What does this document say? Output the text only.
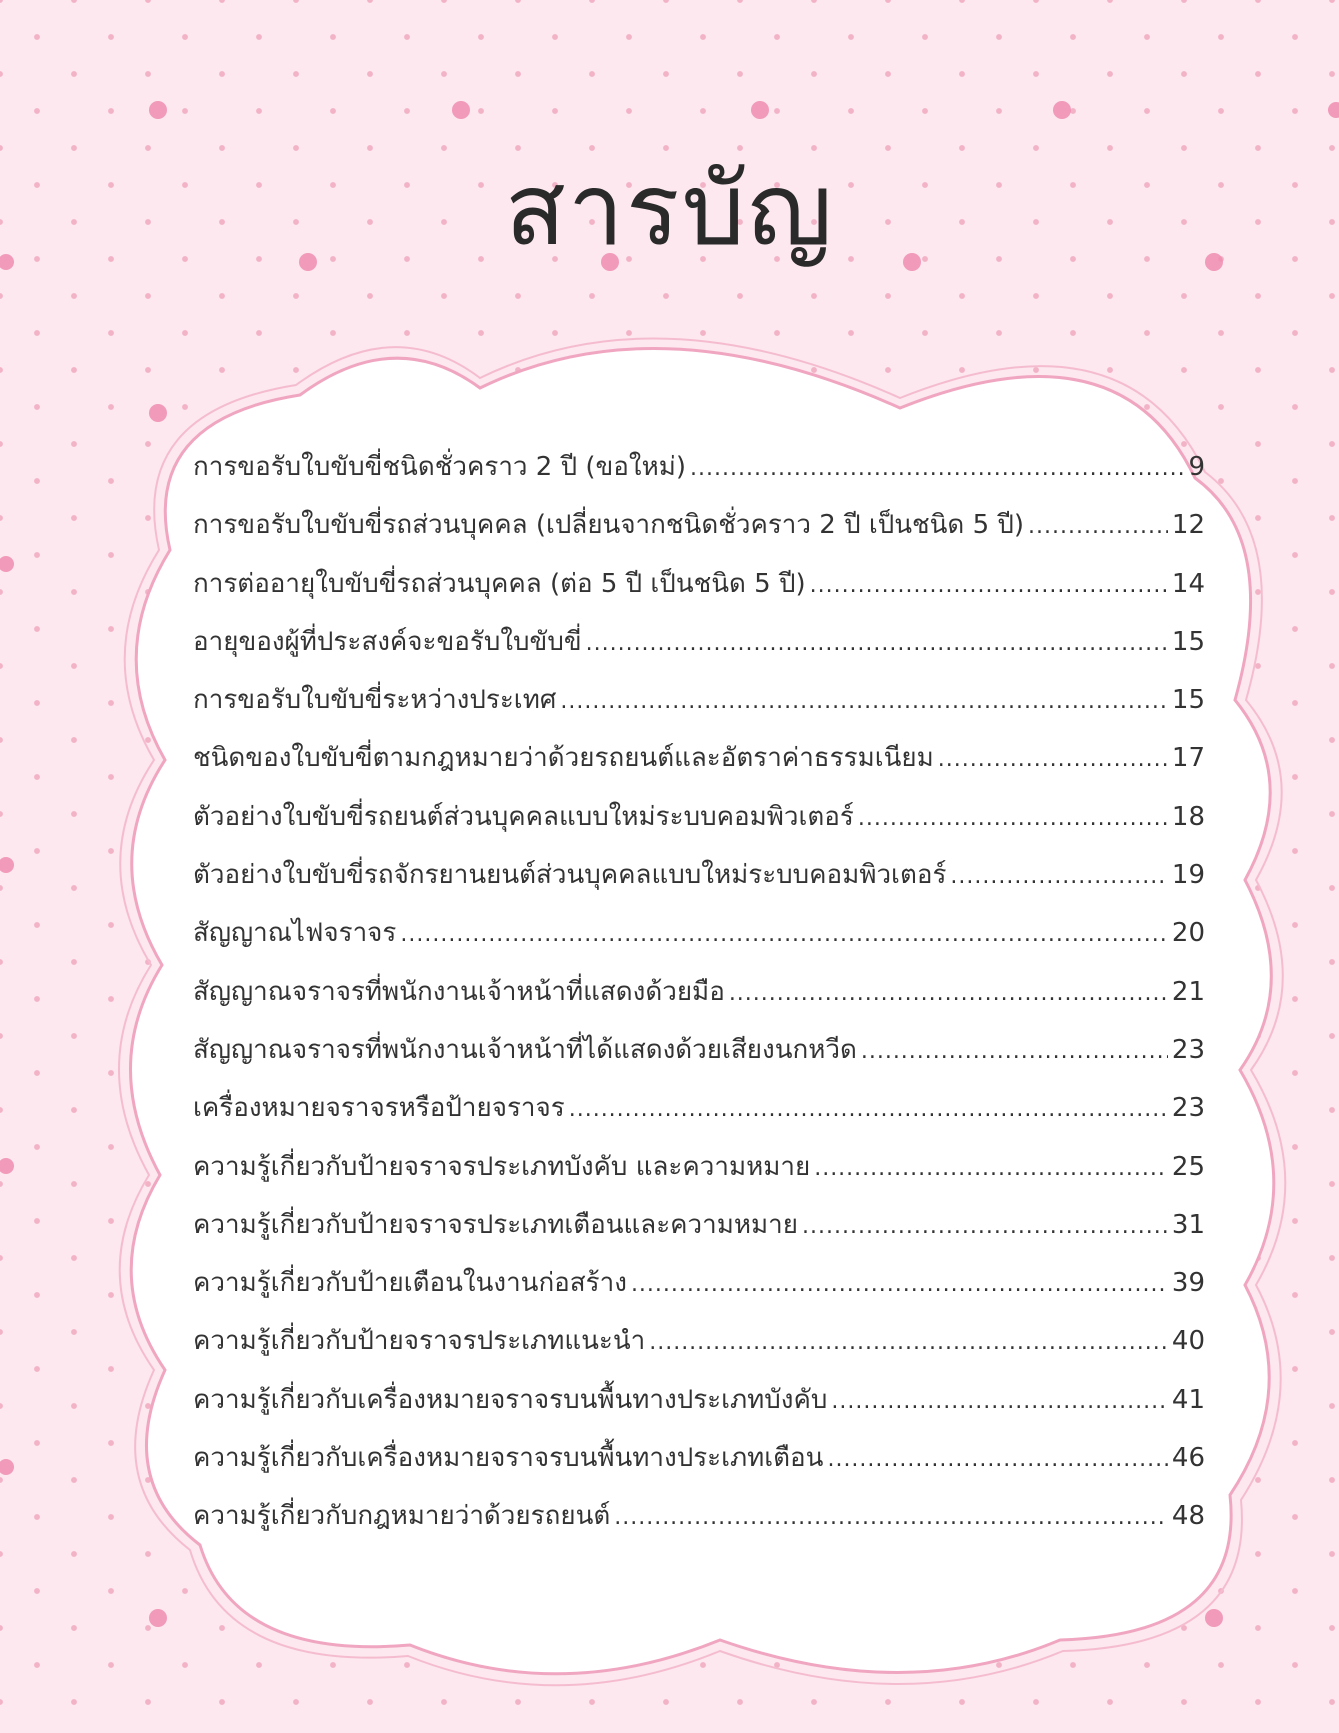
สารบัญ
การขอรับใบขับขี่ชนิดชั่วคราว 2 ปี (ขอใหม่) .....	9
การขอรับใบขับขี่รถส่วนบุคคล (เปลี่ยนจากชนิดชั่วคราว 2 ปี เป็นชนิด 5 ปี) .....	12
การต่ออายุใบขับขี่รถส่วนบุคคล (ต่อ 5 ปี เป็นชนิด 5 ปี) .....	14
อายุของผู้ที่ประสงค์จะขอรับใบขับขี่ .....	15
การขอรับใบขับขี่ระหว่างประเทศ .....	15
ชนิดของใบขับขี่ตามกฎหมายว่าด้วยรถยนต์และอัตราค่าธรรมเนียม .....	17
ตัวอย่างใบขับขี่รถยนต์ส่วนบุคคลแบบใหม่ระบบคอมพิวเตอร์ .....	18
ตัวอย่างใบขับขี่รถจักรยานยนต์ส่วนบุคคลแบบใหม่ระบบคอมพิวเตอร์ .....	19
สัญญาณไฟจราจร .....	20
สัญญาณจราจรที่พนักงานเจ้าหน้าที่แสดงด้วยมือ .....	21
สัญญาณจราจรที่พนักงานเจ้าหน้าที่ได้แสดงด้วยเสียงนกหวีด .....	23
เครื่องหมายจราจรหรือป้ายจราจร .....	23
ความรู้เกี่ยวกับป้ายจราจรประเภทบังคับ และความหมาย .....	25
ความรู้เกี่ยวกับป้ายจราจรประเภทเตือนและความหมาย .....	31
ความรู้เกี่ยวกับป้ายเตือนในงานก่อสร้าง .....	39
ความรู้เกี่ยวกับป้ายจราจรประเภทแนะนำ .....	40
ความรู้เกี่ยวกับเครื่องหมายจราจรบนพื้นทางประเภทบังคับ .....	41
ความรู้เกี่ยวกับเครื่องหมายจราจรบนพื้นทางประเภทเตือน .....	46
ความรู้เกี่ยวกับกฎหมายว่าด้วยรถยนต์ .....	48
